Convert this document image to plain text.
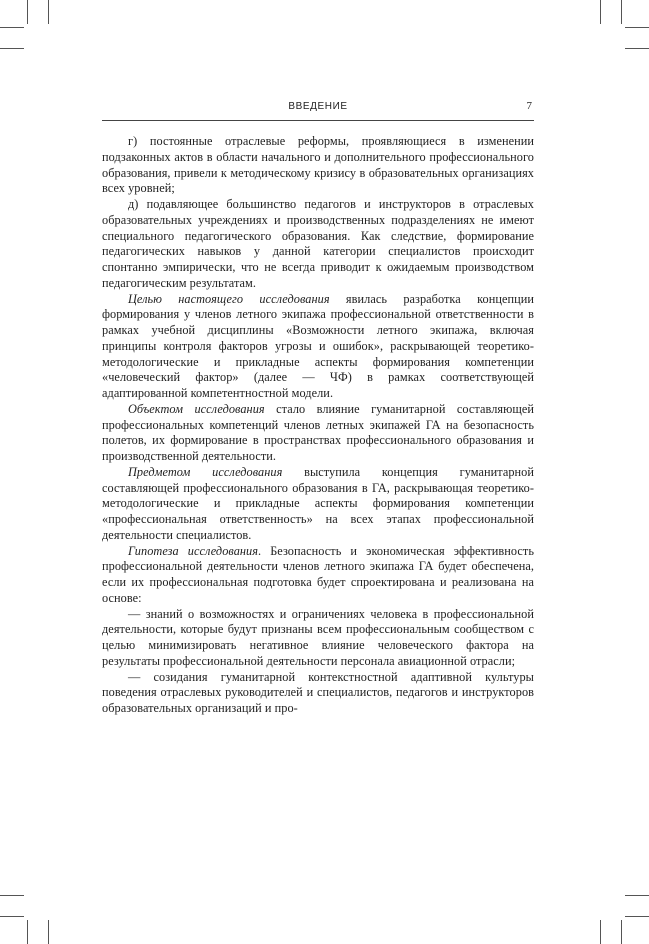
ВВЕДЕНИЕ	7

г) постоянные отраслевые реформы, проявляющиеся в изменении подзаконных актов в области начального и дополнительного профессионального образования, привели к методическому кризису в образовательных организациях всех уровней;

д) подавляющее большинство педагогов и инструкторов в отраслевых образовательных учреждениях и производственных подразделениях не имеют специального педагогического образования. Как следствие, формирование педагогических навыков у данной категории специалистов происходит спонтанно эмпирически, что не всегда приводит к ожидаемым производством педагогическим результатам.

Целью настоящего исследования явилась разработка концепции формирования у членов летного экипажа профессиональной ответственности в рамках учебной дисциплины «Возможности летного экипажа, включая принципы контроля факторов угрозы и ошибок», раскрывающей теоретико-методологические и прикладные аспекты формирования компетенции «человеческий фактор» (далее — ЧФ) в рамках соответствующей адаптированной компетентностной модели.

Объектом исследования стало влияние гуманитарной составляющей профессиональных компетенций членов летных экипажей ГА на безопасность полетов, их формирование в пространствах профессионального образования и производственной деятельности.

Предметом исследования выступила концепция гуманитарной составляющей профессионального образования в ГА, раскрывающая теоретико-методологические и прикладные аспекты формирования компетенции «профессиональная ответственность» на всех этапах профессиональной деятельности специалистов.

Гипотеза исследования. Безопасность и экономическая эффективность профессиональной деятельности членов летного экипажа ГА будет обеспечена, если их профессиональная подготовка будет спроектирована и реализована на основе:

— знаний о возможностях и ограничениях человека в профессиональной деятельности, которые будут признаны всем профессиональным сообществом с целью минимизировать негативное влияние человеческого фактора на результаты профессиональной деятельности персонала авиационной отрасли;

— созидания гуманитарной контекстностной адаптивной культуры поведения отраслевых руководителей и специалистов, педагогов и инструкторов образовательных организаций и про-
